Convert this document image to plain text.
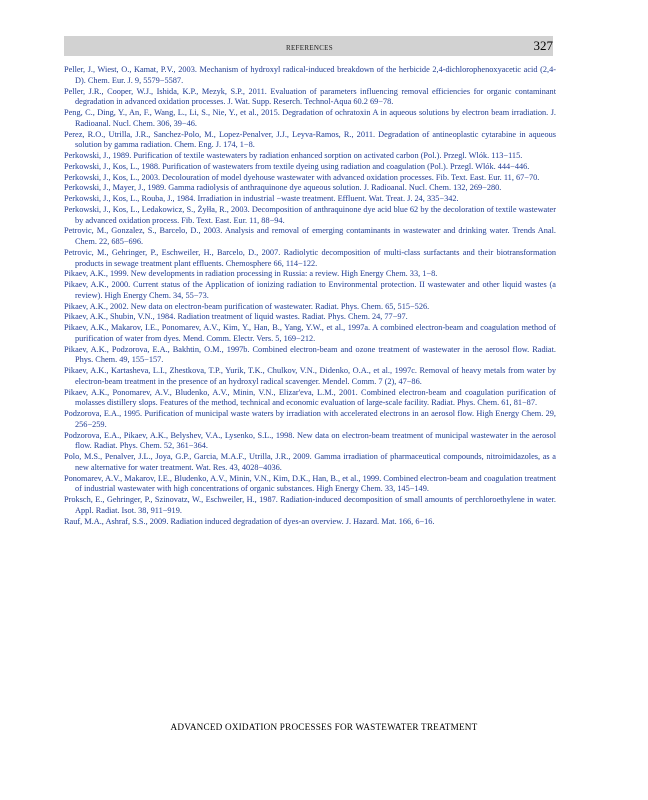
REFERENCES	327
Peller, J., Wiest, O., Kamat, P.V., 2003. Mechanism of hydroxyl radical-induced breakdown of the herbicide 2,4-dichlorophenoxyacetic acid (2,4-D). Chem. Eur. J. 9, 5579−5587.
Peller, J.R., Cooper, W.J., Ishida, K.P., Mezyk, S.P., 2011. Evaluation of parameters influencing removal efficiencies for organic contaminant degradation in advanced oxidation processes. J. Wat. Supp. Reserch. Technol-Aqua 60.2 69−78.
Peng, C., Ding, Y., An, F., Wang, L., Li, S., Nie, Y., et al., 2015. Degradation of ochratoxin A in aqueous solutions by electron beam irradiation. J. Radioanal. Nucl. Chem. 306, 39−46.
Perez, R.O., Utrilla, J.R., Sanchez-Polo, M., Lopez-Penalver, J.J., Leyva-Ramos, R., 2011. Degradation of antineoplastic cytarabine in aqueous solution by gamma radiation. Chem. Eng. J. 174, 1−8.
Perkowski, J., 1989. Purification of textile wastewaters by radiation enhanced sorption on activated carbon (Pol.). Przegl. Wlók. 113−115.
Perkowski, J., Kos, L., 1988. Purification of wastewaters from textile dyeing using radiation and coagulation (Pol.). Przegl. Wlók. 444−446.
Perkowski, J., Kos, L., 2003. Decolouration of model dyehouse wastewater with advanced oxidation processes. Fib. Text. East. Eur. 11, 67−70.
Perkowski, J., Mayer, J., 1989. Gamma radiolysis of anthraquinone dye aqueous solution. J. Radioanal. Nucl. Chem. 132, 269−280.
Perkowski, J., Kos, L., Rouba, J., 1984. Irradiation in industrial −waste treatment. Effluent. Wat. Treat. J. 24, 335−342.
Perkowski, J., Kos, L., Ledakowicz, S., Żyłła, R., 2003. Decomposition of anthraquinone dye acid blue 62 by the decoloration of textile wastewater by advanced oxidation process. Fib. Text. East. Eur. 11, 88−94.
Petrovic, M., Gonzalez, S., Barcelo, D., 2003. Analysis and removal of emerging contaminants in wastewater and drinking water. Trends Anal. Chem. 22, 685−696.
Petrovic, M., Gehringer, P., Eschweiler, H., Barcelo, D., 2007. Radiolytic decomposition of multi-class surfactants and their biotransformation products in sewage treatment plant effluents. Chemosphere 66, 114−122.
Pikaev, A.K., 1999. New developments in radiation processing in Russia: a review. High Energy Chem. 33, 1−8.
Pikaev, A.K., 2000. Current status of the Application of ionizing radiation to Environmental protection. II wastewater and other liquid wastes (a review). High Energy Chem. 34, 55−73.
Pikaev, A.K., 2002. New data on electron-beam purification of wastewater. Radiat. Phys. Chem. 65, 515−526.
Pikaev, A.K., Shubin, V.N., 1984. Radiation treatment of liquid wastes. Radiat. Phys. Chem. 24, 77−97.
Pikaev, A.K., Makarov, I.E., Ponomarev, A.V., Kim, Y., Han, B., Yang, Y.W., et al., 1997a. A combined electron-beam and coagulation method of purification of water from dyes. Mend. Comm. Electr. Vers. 5, 169−212.
Pikaev, A.K., Podzorova, E.A., Bakhtin, O.M., 1997b. Combined electron-beam and ozone treatment of wastewater in the aerosol flow. Radiat. Phys. Chem. 49, 155−157.
Pikaev, A.K., Kartasheva, L.I., Zhestkova, T.P., Yurik, T.K., Chulkov, V.N., Didenko, O.A., et al., 1997c. Removal of heavy metals from water by electron-beam treatment in the presence of an hydroxyl radical scavenger. Mendel. Comm. 7 (2), 47−86.
Pikaev, A.K., Ponomarev, A.V., Bludenko, A.V., Minin, V.N., Elizar'eva, L.M., 2001. Combined electron-beam and coagulation purification of molasses distillery slops. Features of the method, technical and economic evaluation of large-scale facility. Radiat. Phys. Chem. 61, 81−87.
Podzorova, E.A., 1995. Purification of municipal waste waters by irradiation with accelerated electrons in an aerosol flow. High Energy Chem. 29, 256−259.
Podzorova, E.A., Pikaev, A.K., Belyshev, V.A., Lysenko, S.L., 1998. New data on electron-beam treatment of municipal wastewater in the aerosol flow. Radiat. Phys. Chem. 52, 361−364.
Polo, M.S., Penalver, J.L., Joya, G.P., Garcia, M.A.F., Utrilla, J.R., 2009. Gamma irradiation of pharmaceutical compounds, nitroimidazoles, as a new alternative for water treatment. Wat. Res. 43, 4028−4036.
Ponomarev, A.V., Makarov, I.E., Bludenko, A.V., Minin, V.N., Kim, D.K., Han, B., et al., 1999. Combined electron-beam and coagulation treatment of industrial wastewater with high concentrations of organic substances. High Energy Chem. 33, 145−149.
Proksch, E., Gehringer, P., Szinovatz, W., Eschweiler, H., 1987. Radiation-induced decomposition of small amounts of perchloroethylene in water. Appl. Radiat. Isot. 38, 911−919.
Rauf, M.A., Ashraf, S.S., 2009. Radiation induced degradation of dyes-an overview. J. Hazard. Mat. 166, 6−16.
ADVANCED OXIDATION PROCESSES FOR WASTEWATER TREATMENT
